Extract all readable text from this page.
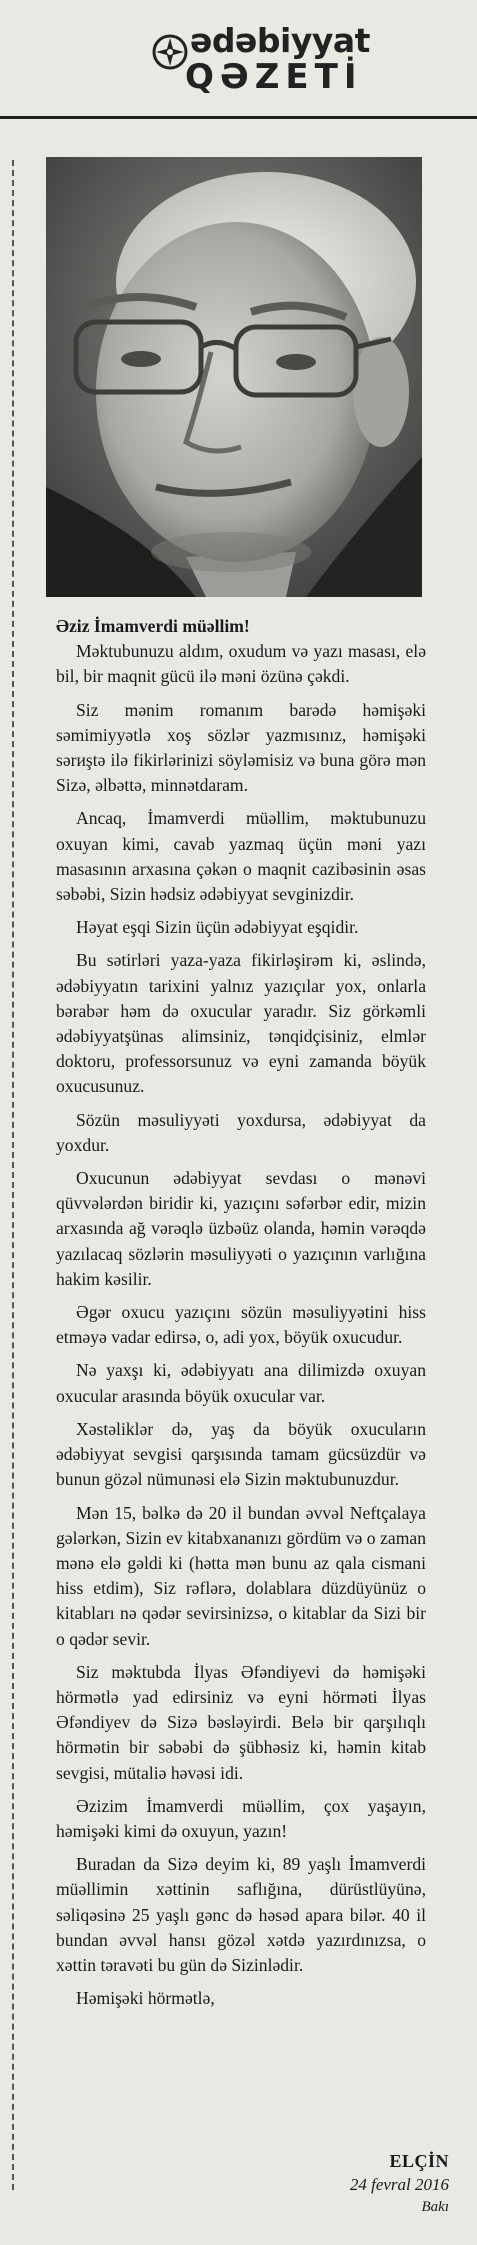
ədəbiyyat
QƏZETİ
Əziz İmamverdi müəllim!

Məktubunuzu aldım, oxudum və yazı masası, elə bil, bir maqnit gücü ilə məni özünə çəkdi.

Siz mənim romanım barədə həmişəki səmimiyyətlə xoş sözlər yazmısınız, həmişəki sərиştə ilə fikirlərinizi söyləmisiz və buna görə mən Sizə, əlbəttə, minnətdaram.

Ancaq, İmamverdi müəllim, məktubunuzu oxuyan kimi, cavab yazmaq üçün məni yazı masasının arxasına çəkən o maqnit cazibəsinin əsas səbəbi, Sizin hədsiz ədəbiyyat sevginizdir.

Həyat eşqi Sizin üçün ədəbiyyat eşqidir.

Bu sətirləri yaza-yaza fikirləşirəm ki, əslində, ədəbiyyatın tarixini yalnız yazıçılar yox, onlarla bərabər həm də oxucular yaradır. Siz görkəmli ədəbiyyatşünas alimsiniz, tənqidçisiniz, elmlər doktoru, professorsunuz və eyni zamanda böyük oxucusunuz.

Sözün məsuliyyəti yoxdursa, ədəbiyyat da yoxdur.

Oxucunun ədəbiyyat sevdası o mənəvi qüvvələrdən biridir ki, yazıçını səfərbər edir, mizin arxasında ağ vərəqlə üzbəüz olanda, həmin vərəqdə yazılacaq sözlərin məsuliyyəti o yazıçının varlığına hakim kəsilir.

Əgər oxucu yazıçını sözün məsuliyyətini hiss etməyə vadar edirsə, o, adi yox, böyük oxucudur.

Nə yaxşı ki, ədəbiyyatı ana dilimizdə oxuyan oxucular arasında böyük oxucular var.

Xəstəliklər də, yaş da böyük oxucuların ədəbiyyat sevgisi qarşısında tamam gücsüzdür və bunun gözəl nümunəsi elə Sizin məktubunuzdur.

Mən 15, bəlkə də 20 il bundan əvvəl Neftçalaya gələrkən, Sizin ev kitabxananızı gördüm və o zaman mənə elə gəldi ki (hətta mən bunu az qala cismani hiss etdim), Siz rəflərə, dolablara düzdüyünüz o kitabları nə qədər sevirsinizsə, o kitablar da Sizi bir o qədər sevir.

Siz məktubda İlyas Əfəndiyevi də həmişəki hörmətlə yad edirsiniz və eyni hörməti İlyas Əfəndiyev də Sizə bəsləyirdi. Belə bir qarşılıqlı hörmətin bir səbəbi də şübhəsiz ki, həmin kitab sevgisi, mütaliə həvəsi idi.

Əzizim İmamverdi müəllim, çox yaşayın, həmişəki kimi də oxuyun, yazın!

Buradan da Sizə deyim ki, 89 yaşlı İmamverdi müəllimin xəttinin saflığına, dürüstlüyünə, səliqəsinə 25 yaşlı gənc də həsəd apara bilər. 40 il bundan əvvəl hansı gözəl xətdə yazırdınızsa, o xəttin təravəti bu gün də Sizinlədir.

Həmişəki hörmətlə,

ELÇİN
24 fevral 2016
Bakı
